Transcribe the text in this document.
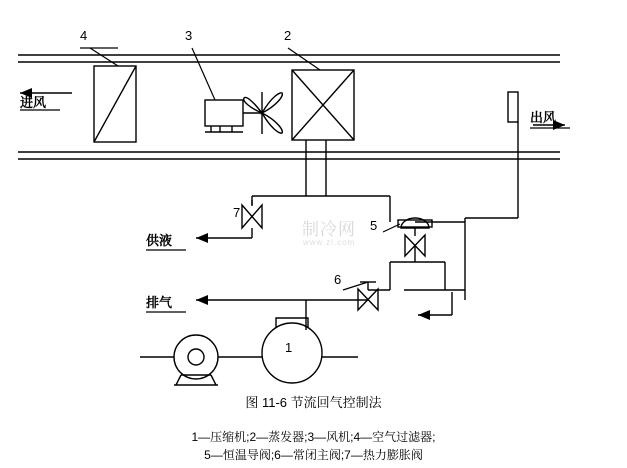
4	3	2
7
5
6
1
进风
出风
供液
排气
制冷网
www.zl.com
图 11-6 节流回气控制法
1—压缩机;2—蒸发器;3—风机;4—空气过滤器;
5—恒温导阀;6—常闭主阀;7—热力膨胀阀
